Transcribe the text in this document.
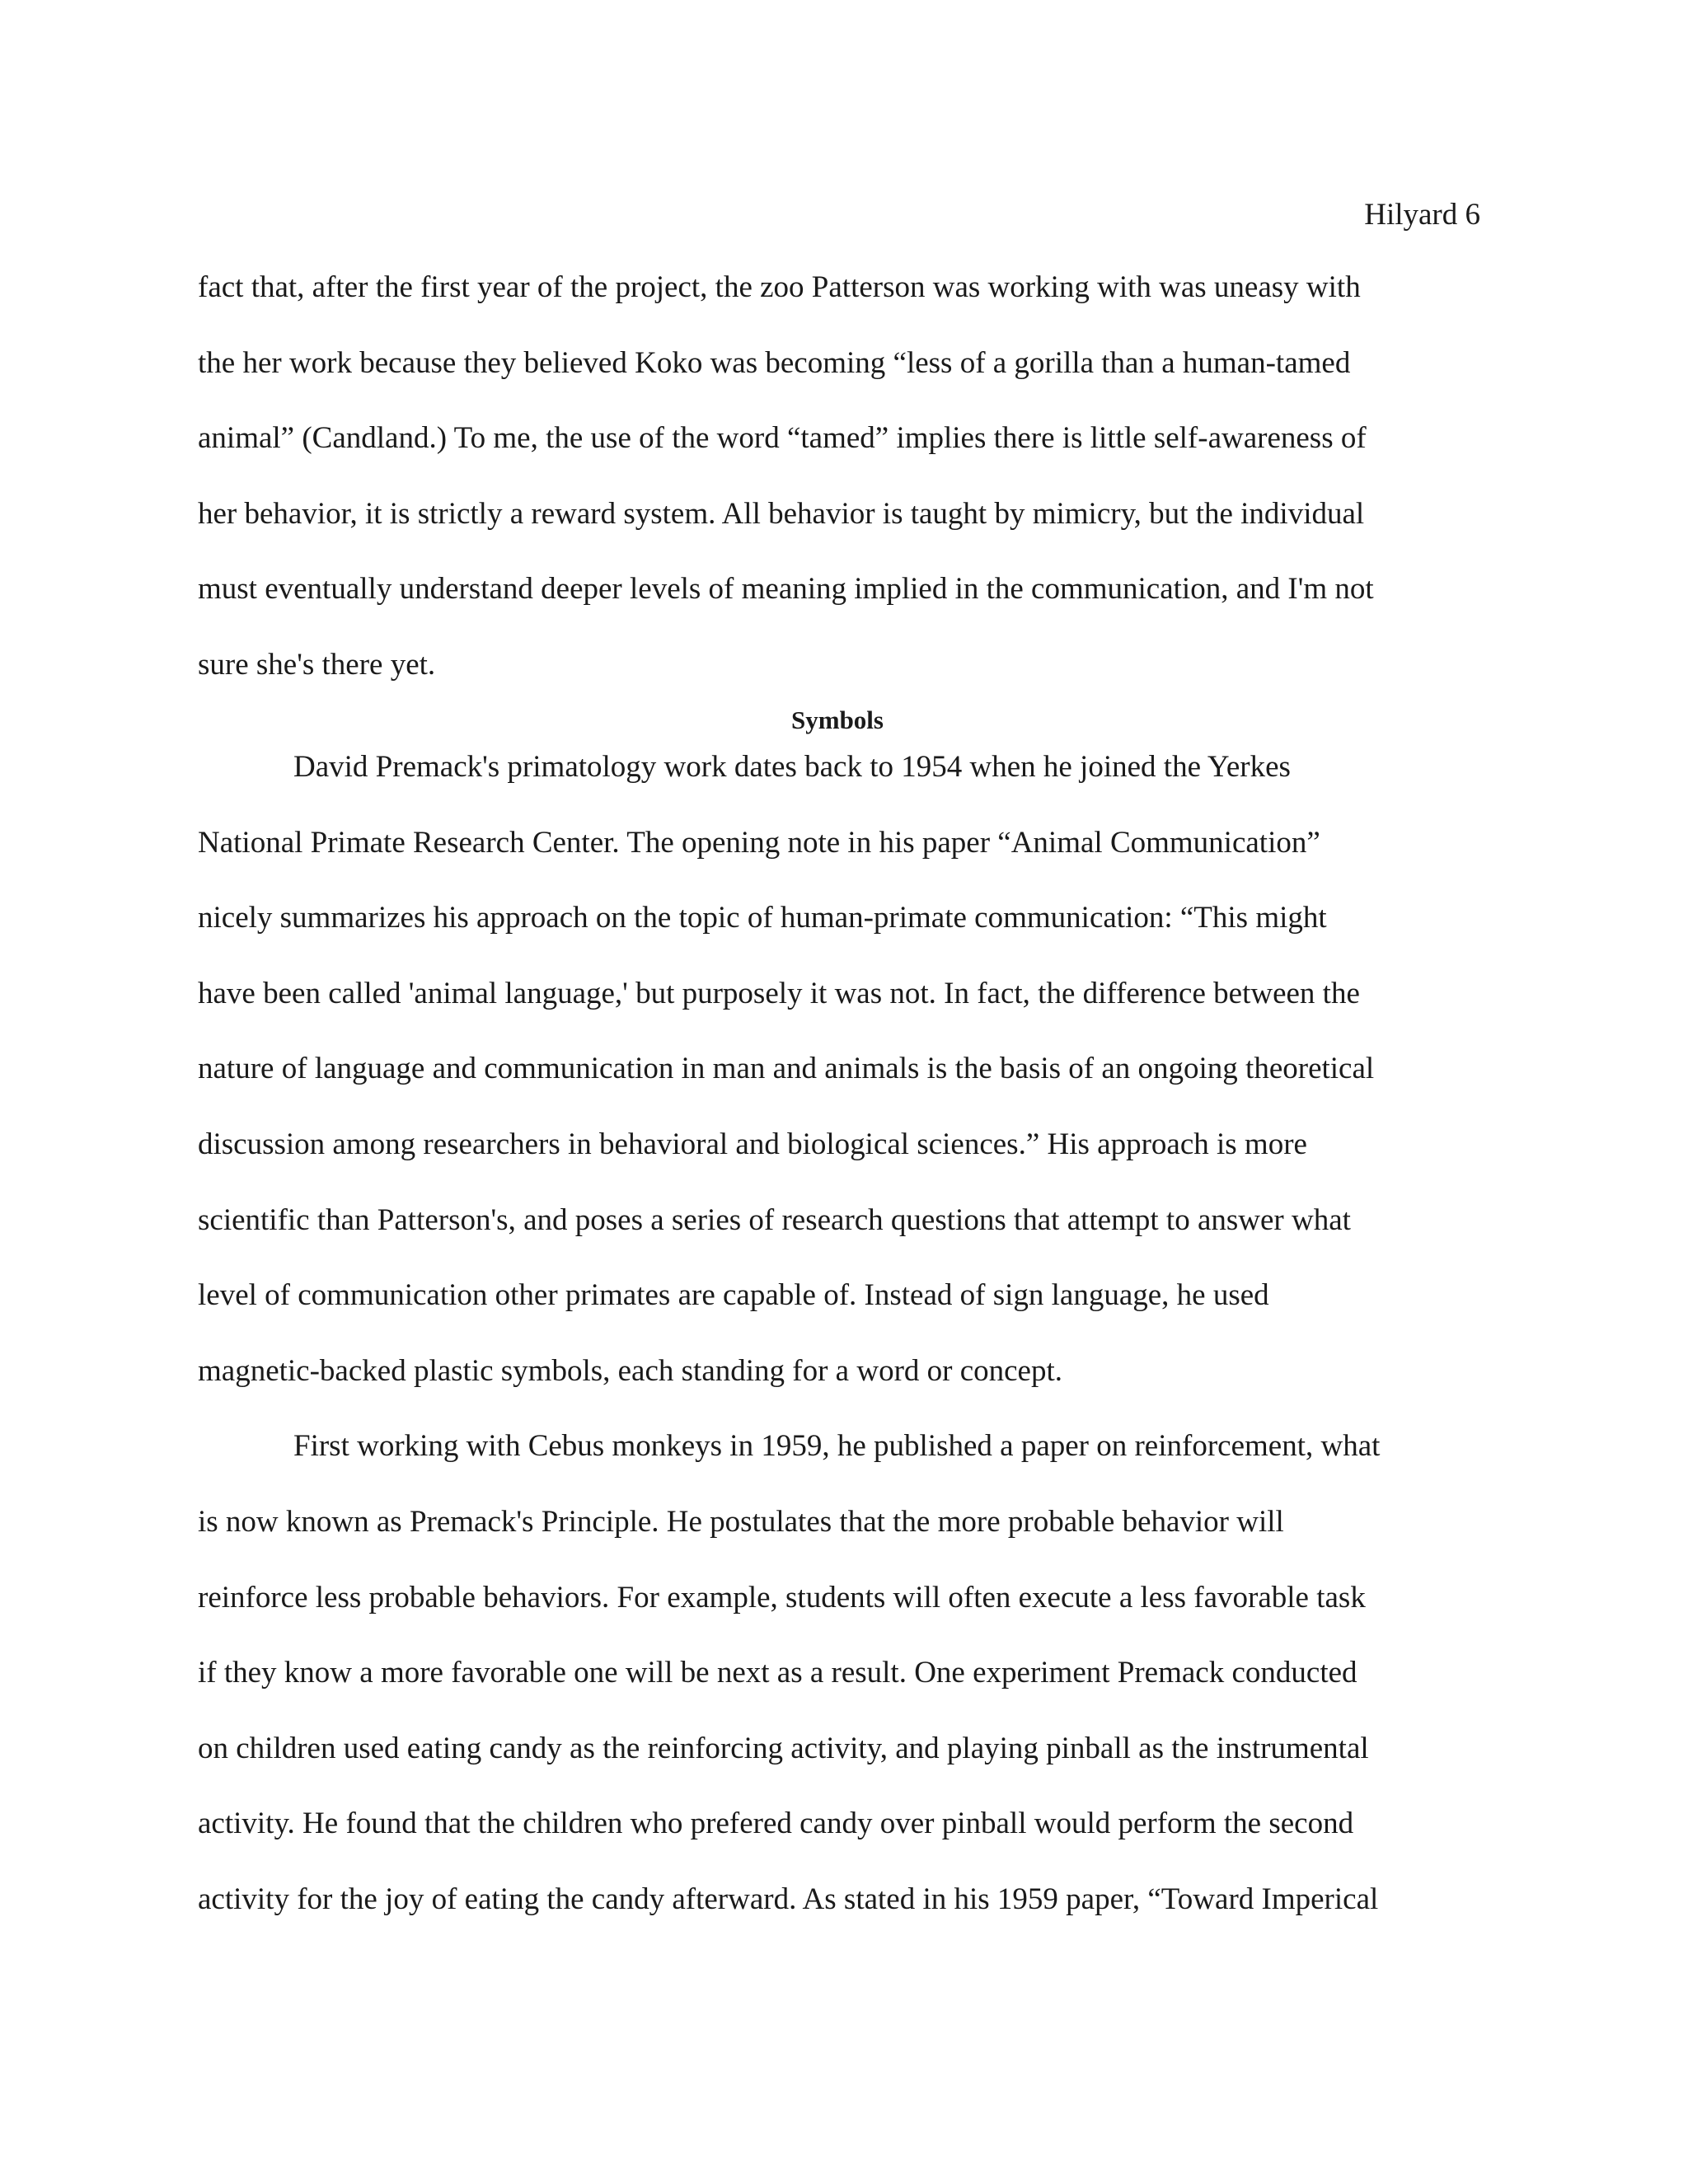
Hilyard 6
fact that, after the first year of the project, the zoo Patterson was working with was uneasy with
the her work because they believed Koko was becoming “less of a gorilla than a human-tamed
animal” (Candland.) To me, the use of the word “tamed” implies there is little self-awareness of
her behavior, it is strictly a reward system. All behavior is taught by mimicry, but the individual
must eventually understand deeper levels of meaning implied in the communication, and I'm not
sure she's there yet.
Symbols
David Premack's primatology work dates back to 1954 when he joined the Yerkes
National Primate Research Center. The opening note in his paper “Animal Communication”
nicely summarizes his approach on the topic of human-primate communication: “This might
have been called 'animal language,' but purposely it was not. In fact, the difference between the
nature of language and communication in man and animals is the basis of an ongoing theoretical
discussion among researchers in behavioral and biological sciences.” His approach is more
scientific than Patterson's, and poses a series of research questions that attempt to answer what
level of communication other primates are capable of. Instead of sign language, he used
magnetic-backed plastic symbols, each standing for a word or concept.
First working with Cebus monkeys in 1959, he published a paper on reinforcement, what
is now known as Premack's Principle. He postulates that the more probable behavior will
reinforce less probable behaviors. For example, students will often execute a less favorable task
if they know a more favorable one will be next as a result. One experiment Premack conducted
on children used eating candy as the reinforcing activity, and playing pinball as the instrumental
activity. He found that the children who prefered candy over pinball would perform the second
activity for the joy of eating the candy afterward. As stated in his 1959 paper, “Toward Imperical
